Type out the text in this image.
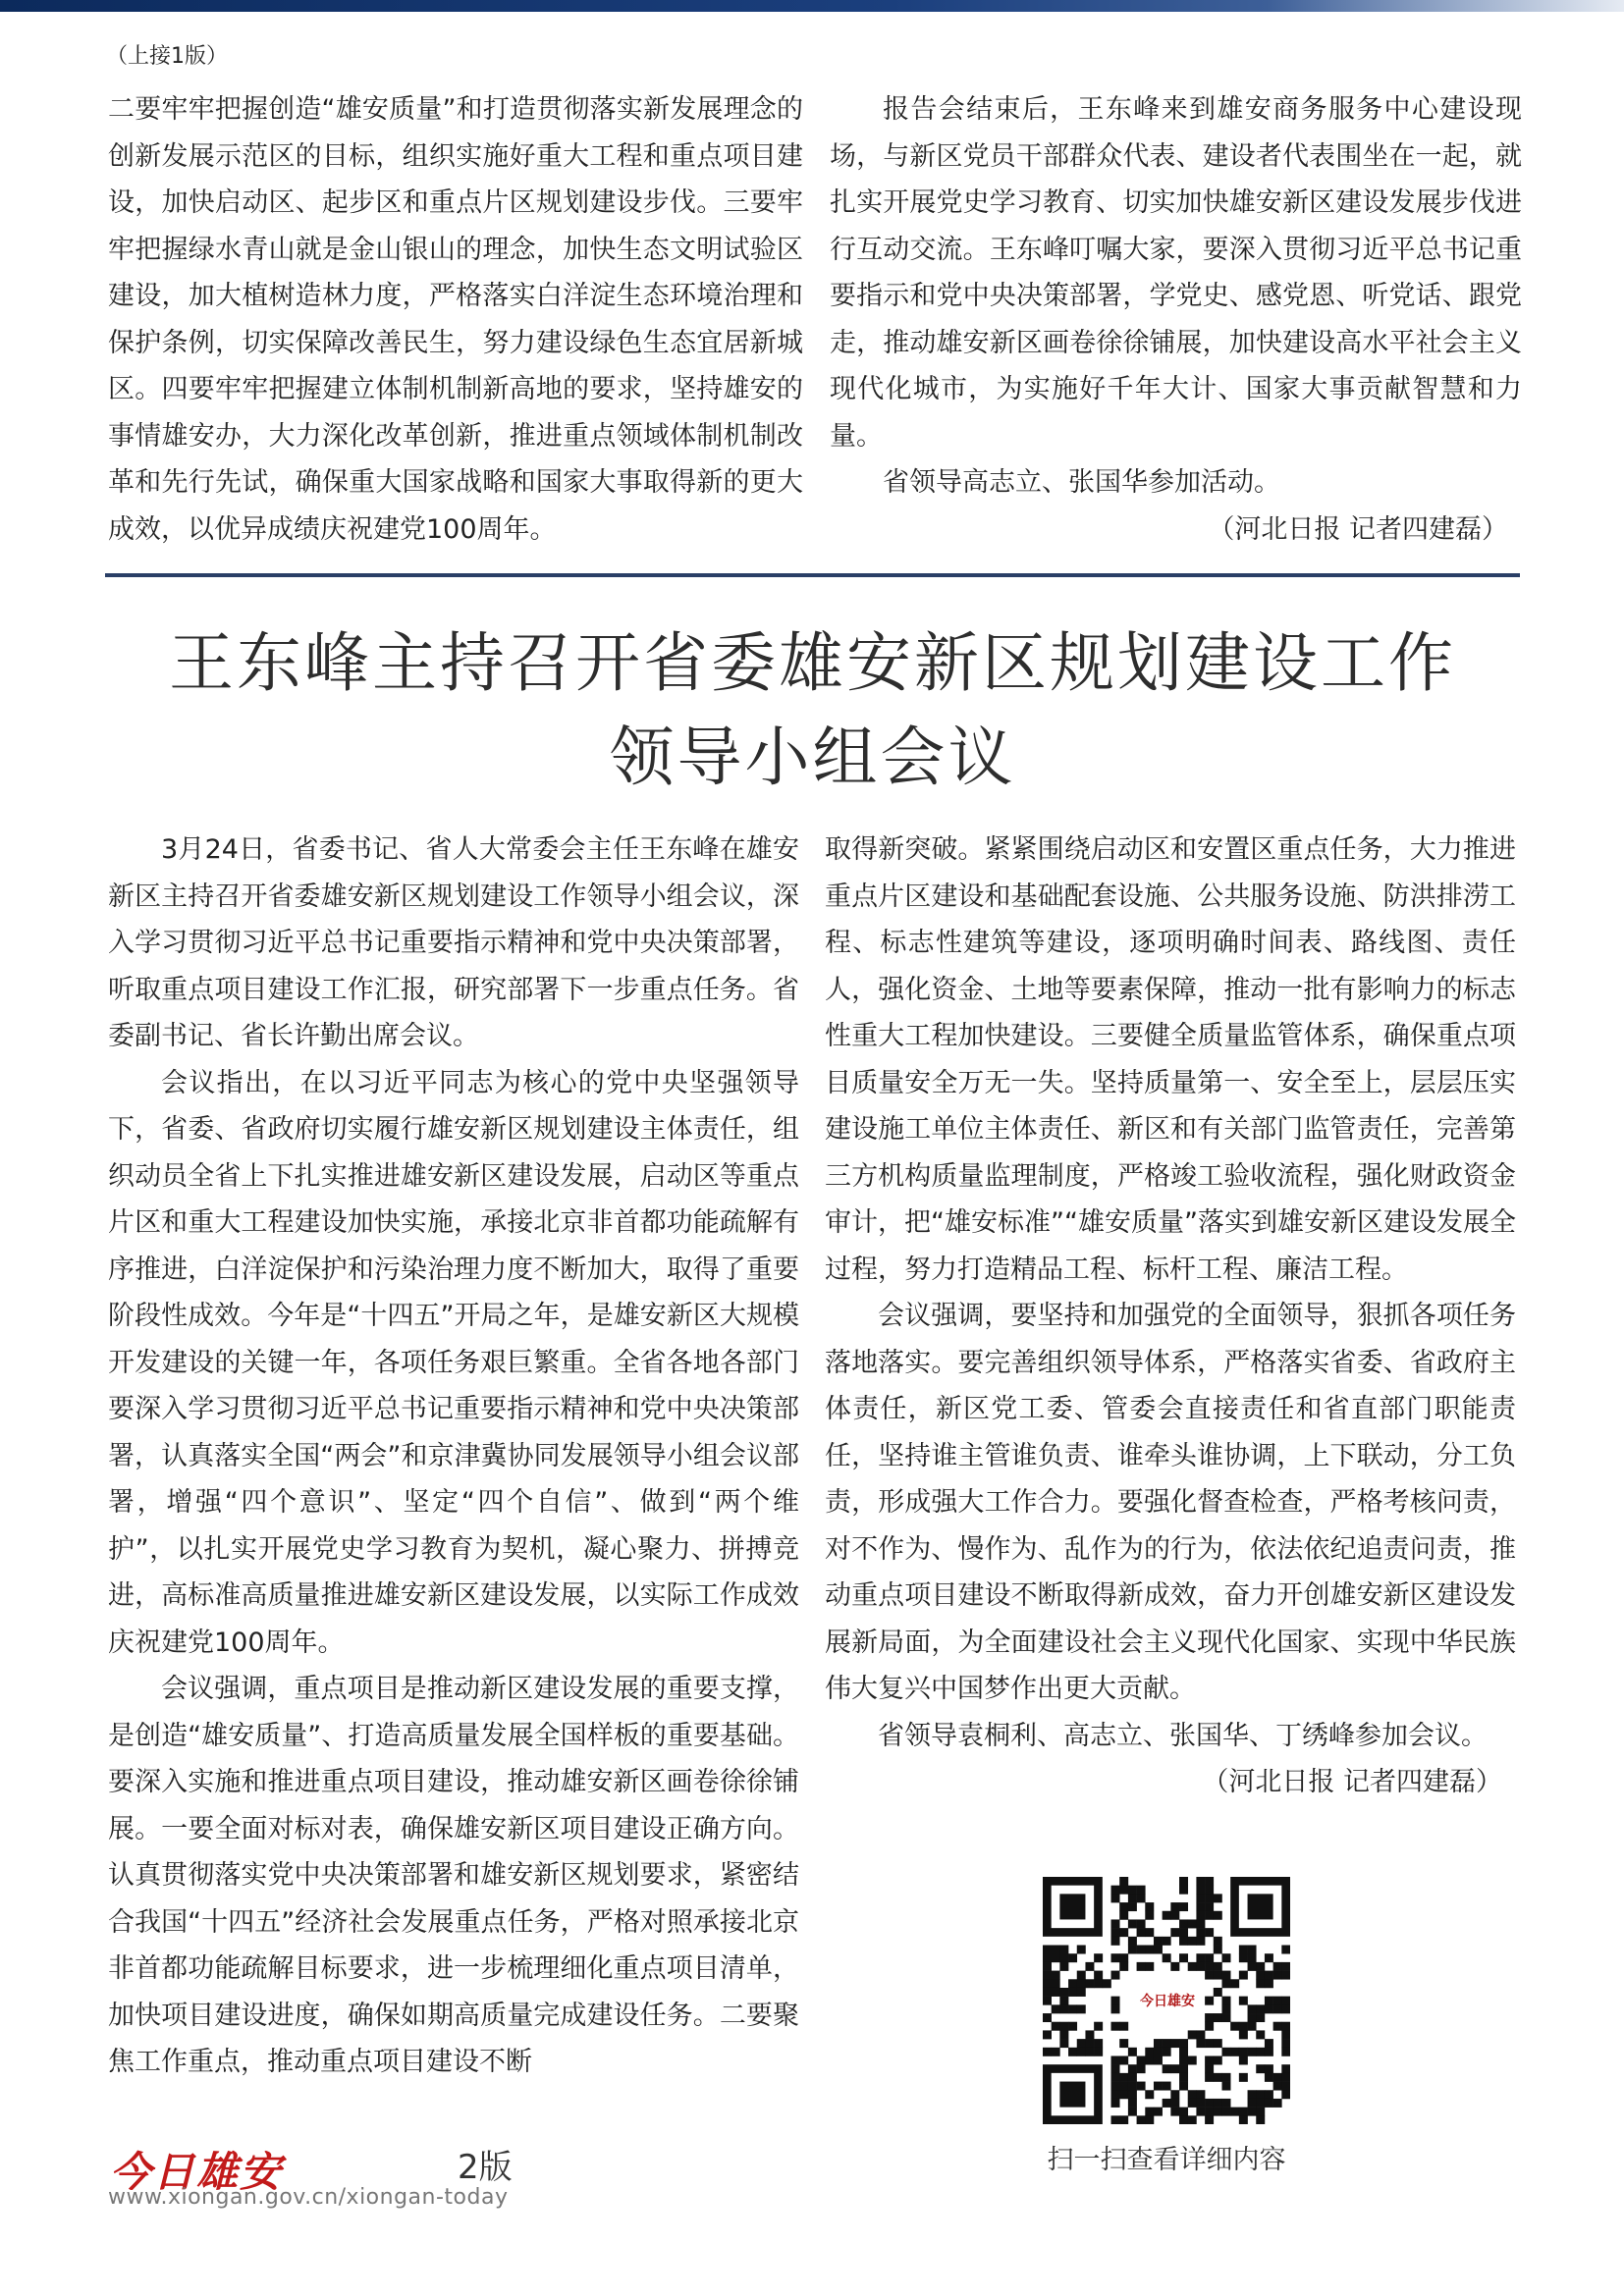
（上接1版）

二要牢牢把握创造“雄安质量”和打造贯彻落实新发展理念的创新发展示范区的目标，组织实施好重大工程和重点项目建设，加快启动区、起步区和重点片区规划建设步伐。三要牢牢把握绿水青山就是金山银山的理念，加快生态文明试验区建设，加大植树造林力度，严格落实白洋淀生态环境治理和保护条例，切实保障改善民生，努力建设绿色生态宜居新城区。四要牢牢把握建立体制机制新高地的要求，坚持雄安的事情雄安办，大力深化改革创新，推进重点领域体制机制改革和先行先试，确保重大国家战略和国家大事取得新的更大成效，以优异成绩庆祝建党100周年。

报告会结束后，王东峰来到雄安商务服务中心建设现场，与新区党员干部群众代表、建设者代表围坐在一起，就扎实开展党史学习教育、切实加快雄安新区建设发展步伐进行互动交流。王东峰叮嘱大家，要深入贯彻习近平总书记重要指示和党中央决策部署，学党史、感党恩、听党话、跟党走，推动雄安新区画卷徐徐铺展，加快建设高水平社会主义现代化城市，为实施好千年大计、国家大事贡献智慧和力量。

省领导高志立、张国华参加活动。

（河北日报 记者四建磊）

王东峰主持召开省委雄安新区规划建设工作
领导小组会议

3月24日，省委书记、省人大常委会主任王东峰在雄安新区主持召开省委雄安新区规划建设工作领导小组会议，深入学习贯彻习近平总书记重要指示精神和党中央决策部署，听取重点项目建设工作汇报，研究部署下一步重点任务。省委副书记、省长许勤出席会议。

会议指出，在以习近平同志为核心的党中央坚强领导下，省委、省政府切实履行雄安新区规划建设主体责任，组织动员全省上下扎实推进雄安新区建设发展，启动区等重点片区和重大工程建设加快实施，承接北京非首都功能疏解有序推进，白洋淀保护和污染治理力度不断加大，取得了重要阶段性成效。今年是“十四五”开局之年，是雄安新区大规模开发建设的关键一年，各项任务艰巨繁重。全省各地各部门要深入学习贯彻习近平总书记重要指示精神和党中央决策部署，认真落实全国“两会”和京津冀协同发展领导小组会议部署，增强“四个意识”、坚定“四个自信”、做到“两个维护”，以扎实开展党史学习教育为契机，凝心聚力、拼搏竞进，高标准高质量推进雄安新区建设发展，以实际工作成效庆祝建党100周年。

会议强调，重点项目是推动新区建设发展的重要支撑，是创造“雄安质量”、打造高质量发展全国样板的重要基础。要深入实施和推进重点项目建设，推动雄安新区画卷徐徐铺展。一要全面对标对表，确保雄安新区项目建设正确方向。认真贯彻落实党中央决策部署和雄安新区规划要求，紧密结合我国“十四五”经济社会发展重点任务，严格对照承接北京非首都功能疏解目标要求，进一步梳理细化重点项目清单，加快项目建设进度，确保如期高质量完成建设任务。二要聚焦工作重点，推动重点项目建设不断

取得新突破。紧紧围绕启动区和安置区重点任务，大力推进重点片区建设和基础配套设施、公共服务设施、防洪排涝工程、标志性建筑等建设，逐项明确时间表、路线图、责任人，强化资金、土地等要素保障，推动一批有影响力的标志性重大工程加快建设。三要健全质量监管体系，确保重点项目质量安全万无一失。坚持质量第一、安全至上，层层压实建设施工单位主体责任、新区和有关部门监管责任，完善第三方机构质量监理制度，严格竣工验收流程，强化财政资金审计，把“雄安标准”“雄安质量”落实到雄安新区建设发展全过程，努力打造精品工程、标杆工程、廉洁工程。

会议强调，要坚持和加强党的全面领导，狠抓各项任务落地落实。要完善组织领导体系，严格落实省委、省政府主体责任，新区党工委、管委会直接责任和省直部门职能责任，坚持谁主管谁负责、谁牵头谁协调，上下联动，分工负责，形成强大工作合力。要强化督查检查，严格考核问责，对不作为、慢作为、乱作为的行为，依法依纪追责问责，推动重点项目建设不断取得新成效，奋力开创雄安新区建设发展新局面，为全面建设社会主义现代化国家、实现中华民族伟大复兴中国梦作出更大贡献。

省领导袁桐利、高志立、张国华、丁绣峰参加会议。

（河北日报 记者四建磊）

今日雄安
扫一扫查看详细内容
今日雄安	2版
www.xiongan.gov.cn/xiongan-today
